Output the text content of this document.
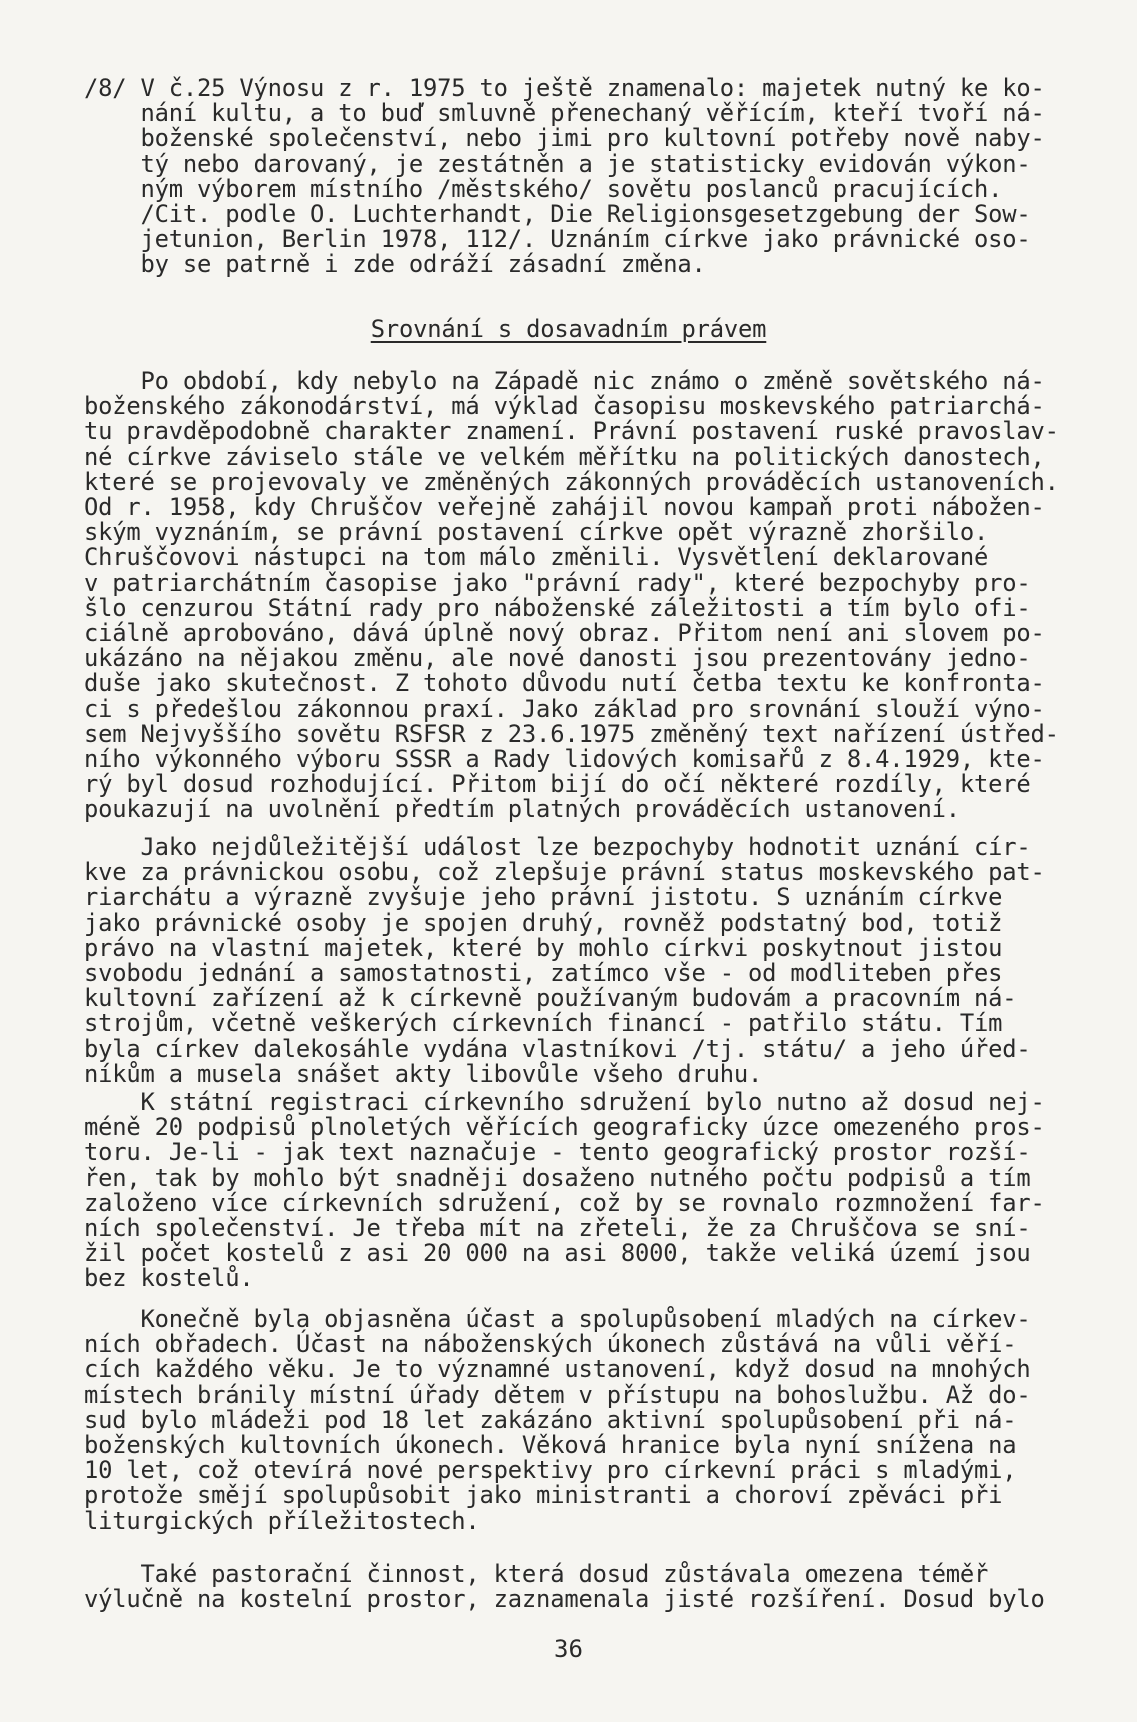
/8/ V č.25 Výnosu z r. 1975 to ještě znamenalo: majetek nutný ke ko-
nání kultu, a to buď smluvně přenechaný věřícím, kteří tvoří ná-
boženské společenství, nebo jimi pro kultovní potřeby nově naby-
tý nebo darovaný, je zestátněn a je statisticky evidován výkon-
ným výborem místního /městského/ sovětu poslanců pracujících.
/Cit. podle O. Luchterhandt, Die Religionsgesetzgebung der Sow-
jetunion, Berlin 1978, 112/. Uznáním církve jako právnické oso-
by se patrně i zde odráží zásadní změna.
Srovnání s dosavadním právem
Po období, kdy nebylo na Západě nic známo o změně sovětského ná-
boženského zákonodárství, má výklad časopisu moskevského patriarchá-
tu pravděpodobně charakter znamení. Právní postavení ruské pravoslav-
né církve záviselo stále ve velkém měřítku na politických danostech,
které se projevovaly ve změněných zákonných prováděcích ustanoveních.
Od r. 1958, kdy Chruščov veřejně zahájil novou kampaň proti nábožen-
ským vyznáním, se právní postavení církve opět výrazně zhoršilo.
Chruščovovi nástupci na tom málo změnili. Vysvětlení deklarované
v patriarchátním časopise jako "právní rady", které bezpochyby pro-
šlo cenzurou Státní rady pro náboženské záležitosti a tím bylo ofi-
ciálně aprobováno, dává úplně nový obraz. Přitom není ani slovem po-
ukázáno na nějakou změnu, ale nové danosti jsou prezentovány jedno-
duše jako skutečnost. Z tohoto důvodu nutí četba textu ke konfronta-
ci s předešlou zákonnou praxí. Jako základ pro srovnání slouží výno-
sem Nejvyššího sovětu RSFSR z 23.6.1975 změněný text nařízení ústřed-
ního výkonného výboru SSSR a Rady lidových komisařů z 8.4.1929, kte-
rý byl dosud rozhodující. Přitom bijí do očí některé rozdíly, které
poukazují na uvolnění předtím platných prováděcích ustanovení.
Jako nejdůležitější událost lze bezpochyby hodnotit uznání cír-
kve za právnickou osobu, což zlepšuje právní status moskevského pat-
riarchátu a výrazně zvyšuje jeho právní jistotu. S uznáním církve
jako právnické osoby je spojen druhý, rovněž podstatný bod, totiž
právo na vlastní majetek, které by mohlo církvi poskytnout jistou
svobodu jednání a samostatnosti, zatímco vše - od modliteben přes
kultovní zařízení až k církevně používaným budovám a pracovním ná-
strojům, včetně veškerých církevních financí - patřilo státu. Tím
byla církev dalekosáhle vydána vlastníkovi /tj. státu/ a jeho úřed-
níkům a musela snášet akty libovůle všeho druhu.
K státní registraci církevního sdružení bylo nutno až dosud nej-
méně 20 podpisů plnoletých věřících geograficky úzce omezeného pros-
toru. Je-li - jak text naznačuje - tento geografický prostor rozší-
řen, tak by mohlo být snadněji dosaženo nutného počtu podpisů a tím
založeno více církevních sdružení, což by se rovnalo rozmnožení far-
ních společenství. Je třeba mít na zřeteli, že za Chruščova se sní-
žil počet kostelů z asi 20 000 na asi 8000, takže veliká území jsou
bez kostelů.
Konečně byla objasněna účast a spolupůsobení mladých na církev-
ních obřadech. Účast na náboženských úkonech zůstává na vůli věří-
cích každého věku. Je to významné ustanovení, když dosud na mnohých
místech bránily místní úřady dětem v přístupu na bohoslužbu. Až do-
sud bylo mládeži pod 18 let zakázáno aktivní spolupůsobení při ná-
boženských kultovních úkonech. Věková hranice byla nyní snížena na
10 let, což otevírá nové perspektivy pro církevní práci s mladými,
protože smějí spolupůsobit jako ministranti a choroví zpěváci při
liturgických příležitostech.
Také pastorační činnost, která dosud zůstávala omezena téměř
výlučně na kostelní prostor, zaznamenala jisté rozšíření. Dosud bylo
36
